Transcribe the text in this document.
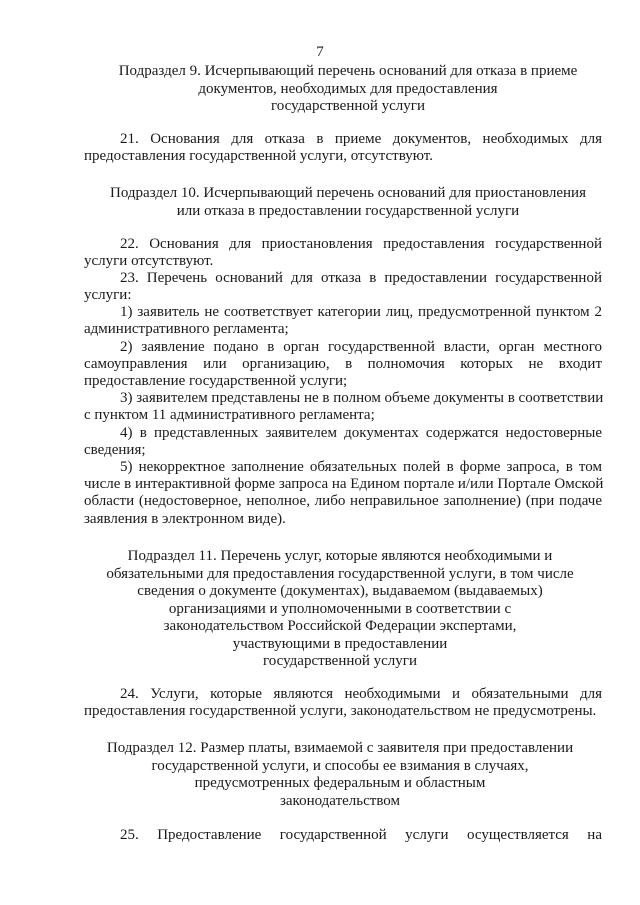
7
Подраздел 9. Исчерпывающий перечень оснований для отказа в приеме
документов, необходимых для предоставления
государственной услуги
21. Основания для отказа в приеме документов, необходимых для
предоставления государственной услуги, отсутствуют.
Подраздел 10. Исчерпывающий перечень оснований для приостановления
или отказа в предоставлении государственной услуги
22. Основания для приостановления предоставления государственной
услуги отсутствуют.
23. Перечень оснований для отказа в предоставлении государственной
услуги:
1) заявитель не соответствует категории лиц, предусмотренной пунктом 2
административного регламента;
2) заявление подано в орган государственной власти, орган местного
самоуправления или организацию, в полномочия которых не входит
предоставление государственной услуги;
3) заявителем представлены не в полном объеме документы в соответствии
с пунктом 11 административного регламента;
4) в представленных заявителем документах содержатся недостоверные
сведения;
5) некорректное заполнение обязательных полей в форме запроса, в том
числе в интерактивной форме запроса на Едином портале и/или Портале Омской
области (недостоверное, неполное, либо неправильное заполнение) (при подаче
заявления в электронном виде).
Подраздел 11. Перечень услуг, которые являются необходимыми и
обязательными для предоставления государственной услуги, в том числе
сведения о документе (документах), выдаваемом (выдаваемых)
организациями и уполномоченными в соответствии с
законодательством Российской Федерации экспертами,
участвующими в предоставлении
государственной услуги
24. Услуги, которые являются необходимыми и обязательными для
предоставления государственной услуги, законодательством не предусмотрены.
Подраздел 12. Размер платы, взимаемой с заявителя при предоставлении
государственной услуги, и способы ее взимания в случаях,
предусмотренных федеральным и областным
законодательством
25. Предоставление государственной услуги осуществляется на
